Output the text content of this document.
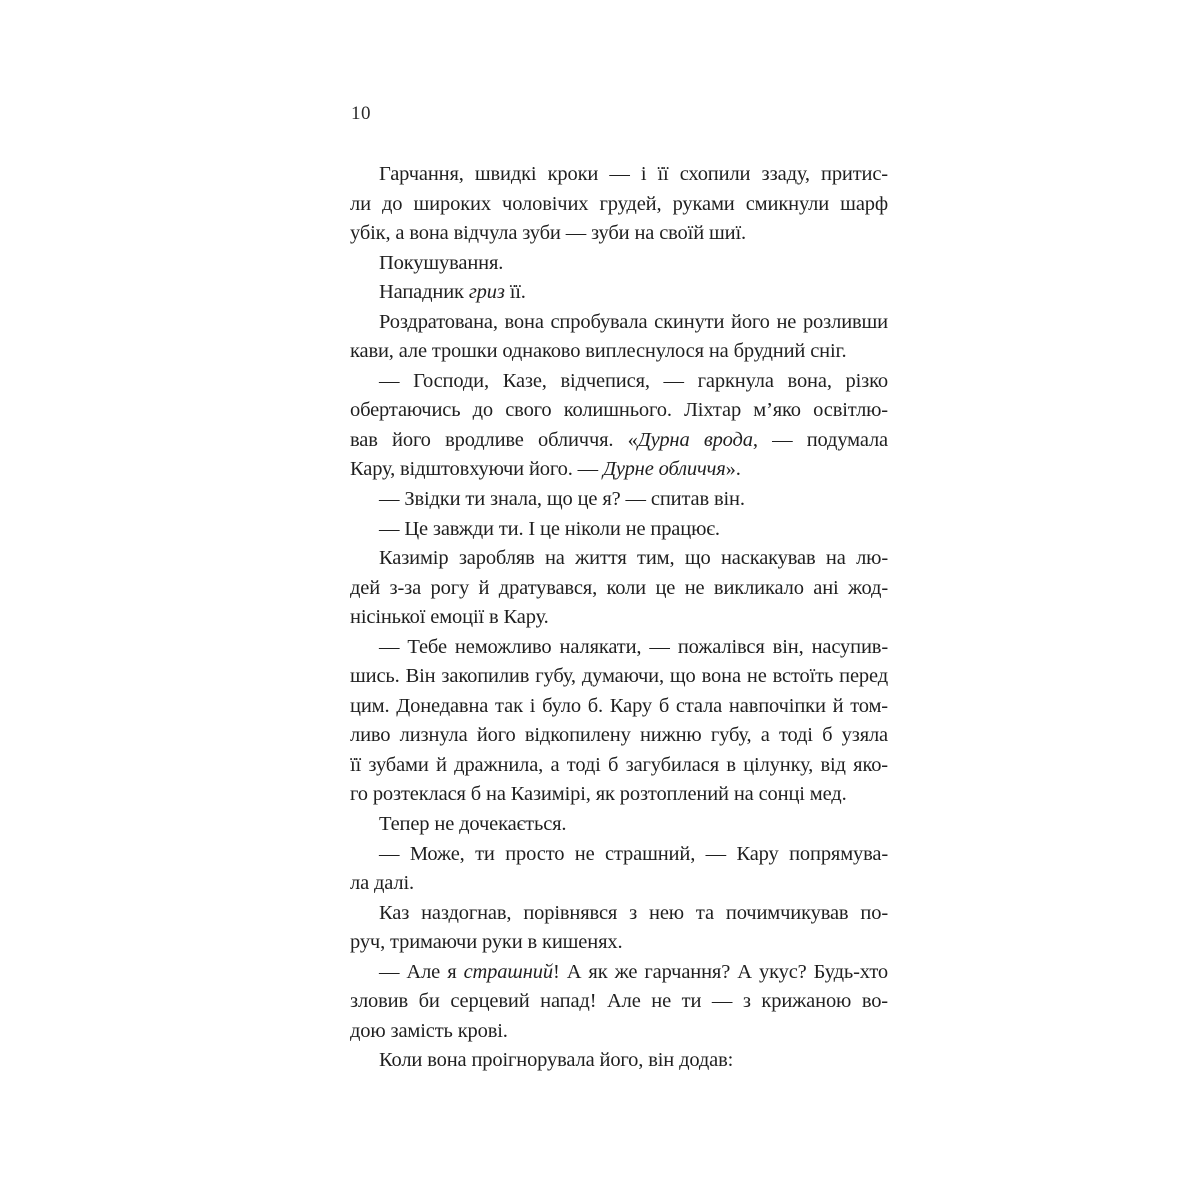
10
Гарчання, швидкі кроки — і її схопили ззаду, притис-
ли до широких чоловічих грудей, руками смикнули шарф
убік, а вона відчула зуби — зуби на своїй шиї.
Покушування.
Нападник гриз її.
Роздратована, вона спробувала скинути його не розливши
кави, але трошки однаково виплеснулося на брудний сніг.
— Господи, Казе, відчепися, — гаркнула вона, різко
обертаючись до свого колишнього. Ліхтар м’яко освітлю-
вав його вродливе обличчя. «Дурна врода, — подумала
Кару, відштовхуючи його. — Дурне обличчя».
— Звідки ти знала, що це я? — спитав він.
— Це завжди ти. І це ніколи не працює.
Казимір заробляв на життя тим, що наскакував на лю-
дей з-за рогу й дратувався, коли це не викликало ані жод-
нісінької емоції в Кару.
— Тебе неможливо налякати, — пожалівся він, насупив-
шись. Він закопилив губу, думаючи, що вона не встоїть перед
цим. Донедавна так і було б. Кару б стала навпочіпки й том-
ливо лизнула його відкопилену нижню губу, а тоді б узяла
її зубами й дражнила, а тоді б загубилася в цілунку, від яко-
го розтеклася б на Казимірі, як розтоплений на сонці мед.
Тепер не дочекається.
— Може, ти просто не страшний, — Кару попрямува-
ла далі.
Каз наздогнав, порівнявся з нею та почимчикував по-
руч, тримаючи руки в кишенях.
— Але я страшний! А як же гарчання? А укус? Будь-хто
зловив би серцевий напад! Але не ти — з крижаною во-
дою замість крові.
Коли вона проігнорувала його, він додав:
